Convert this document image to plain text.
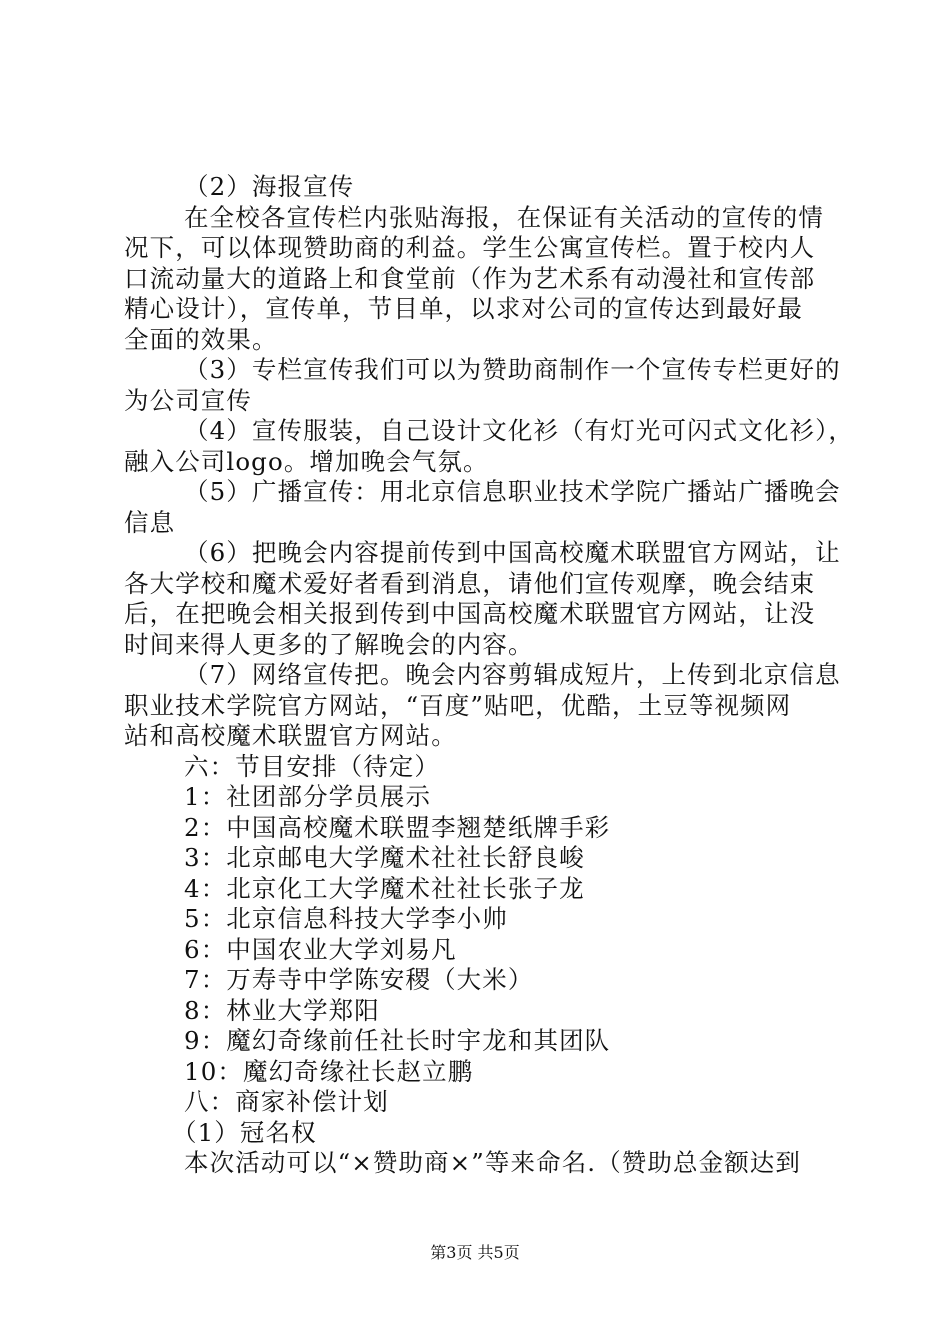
（2）海报宣传
在全校各宣传栏内张贴海报，在保证有关活动的宣传的情
况下，可以体现赞助商的利益。学生公寓宣传栏。置于校内人
口流动量大的道路上和食堂前（作为艺术系有动漫社和宣传部
精心设计），宣传单，节目单，以求对公司的宣传达到最好最
全面的效果。
（3）专栏宣传我们可以为赞助商制作一个宣传专栏更好的
为公司宣传
（4）宣传服装，自己设计文化衫（有灯光可闪式文化衫），
融入公司logo。增加晚会气氛。
（5）广播宣传：用北京信息职业技术学院广播站广播晚会
信息
（6）把晚会内容提前传到中国高校魔术联盟官方网站，让
各大学校和魔术爱好者看到消息，请他们宣传观摩，晚会结束
后，在把晚会相关报到传到中国高校魔术联盟官方网站，让没
时间来得人更多的了解晚会的内容。
（7）网络宣传把。晚会内容剪辑成短片，上传到北京信息
职业技术学院官方网站，“百度”贴吧，优酷，土豆等视频网
站和高校魔术联盟官方网站。
六：节目安排（待定）
1：社团部分学员展示
2：中国高校魔术联盟李翘楚纸牌手彩
3：北京邮电大学魔术社社长舒良峻
4：北京化工大学魔术社社长张子龙
5：北京信息科技大学李小帅
6：中国农业大学刘易凡
7：万寿寺中学陈安稷（大米）
8：林业大学郑阳
9：魔幻奇缘前任社长时宇龙和其团队
10：魔幻奇缘社长赵立鹏
八：商家补偿计划
（1）冠名权
本次活动可以“×赞助商×”等来命名.（赞助总金额达到
第3页 共5页
